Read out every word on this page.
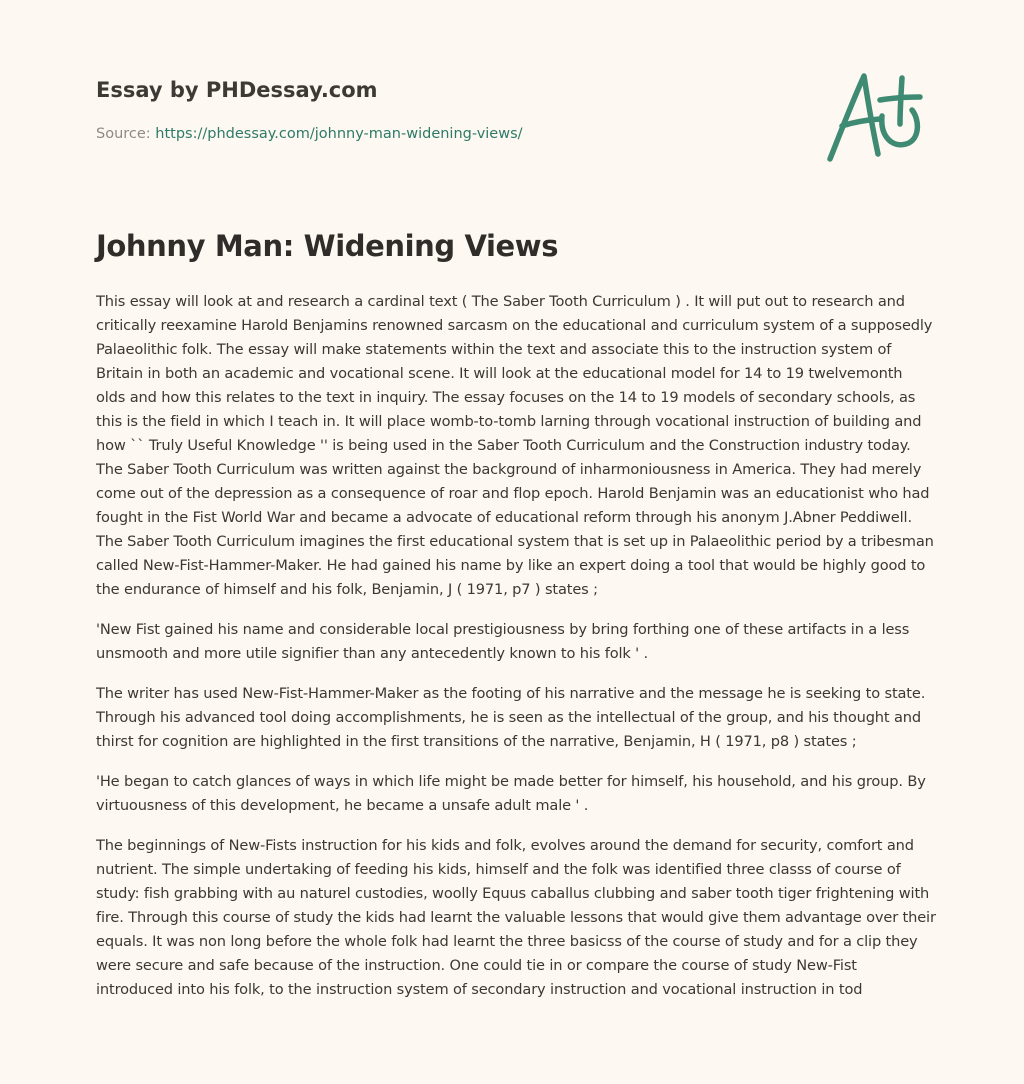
Essay by PHDessay.com
Source: https://phdessay.com/johnny-man-widening-views/
Johnny Man: Widening Views

This essay will look at and research a cardinal text ( The Saber Tooth Curriculum ) . It will put out to research and critically reexamine Harold Benjamins renowned sarcasm on the educational and curriculum system of a supposedly Palaeolithic folk. The essay will make statements within the text and associate this to the instruction system of Britain in both an academic and vocational scene. It will look at the educational model for 14 to 19 twelvemonth olds and how this relates to the text in inquiry. The essay focuses on the 14 to 19 models of secondary schools, as this is the field in which I teach in. It will place womb-to-tomb larning through vocational instruction of building and how `` Truly Useful Knowledge '' is being used in the Saber Tooth Curriculum and the Construction industry today. The Saber Tooth Curriculum was written against the background of inharmoniousness in America. They had merely come out of the depression as a consequence of roar and flop epoch. Harold Benjamin was an educationist who had fought in the Fist World War and became a advocate of educational reform through his anonym J.Abner Peddiwell. The Saber Tooth Curriculum imagines the first educational system that is set up in Palaeolithic period by a tribesman called New-Fist-Hammer-Maker. He had gained his name by like an expert doing a tool that would be highly good to the endurance of himself and his folk, Benjamin, J ( 1971, p7 ) states ;

'New Fist gained his name and considerable local prestigiousness by bring forthing one of these artifacts in a less unsmooth and more utile signifier than any antecedently known to his folk ' .

The writer has used New-Fist-Hammer-Maker as the footing of his narrative and the message he is seeking to state. Through his advanced tool doing accomplishments, he is seen as the intellectual of the group, and his thought and thirst for cognition are highlighted in the first transitions of the narrative, Benjamin, H ( 1971, p8 ) states ;

'He began to catch glances of ways in which life might be made better for himself, his household, and his group. By virtuousness of this development, he became a unsafe adult male ' .

The beginnings of New-Fists instruction for his kids and folk, evolves around the demand for security, comfort and nutrient. The simple undertaking of feeding his kids, himself and the folk was identified three classs of course of study: fish grabbing with au naturel custodies, woolly Equus caballus clubbing and saber tooth tiger frightening with fire. Through this course of study the kids had learnt the valuable lessons that would give them advantage over their equals. It was non long before the whole folk had learnt the three basicss of the course of study and for a clip they were secure and safe because of the instruction. One could tie in or compare the course of study New-Fist introduced into his folk, to the instruction system of secondary instruction and vocational instruction in tod
